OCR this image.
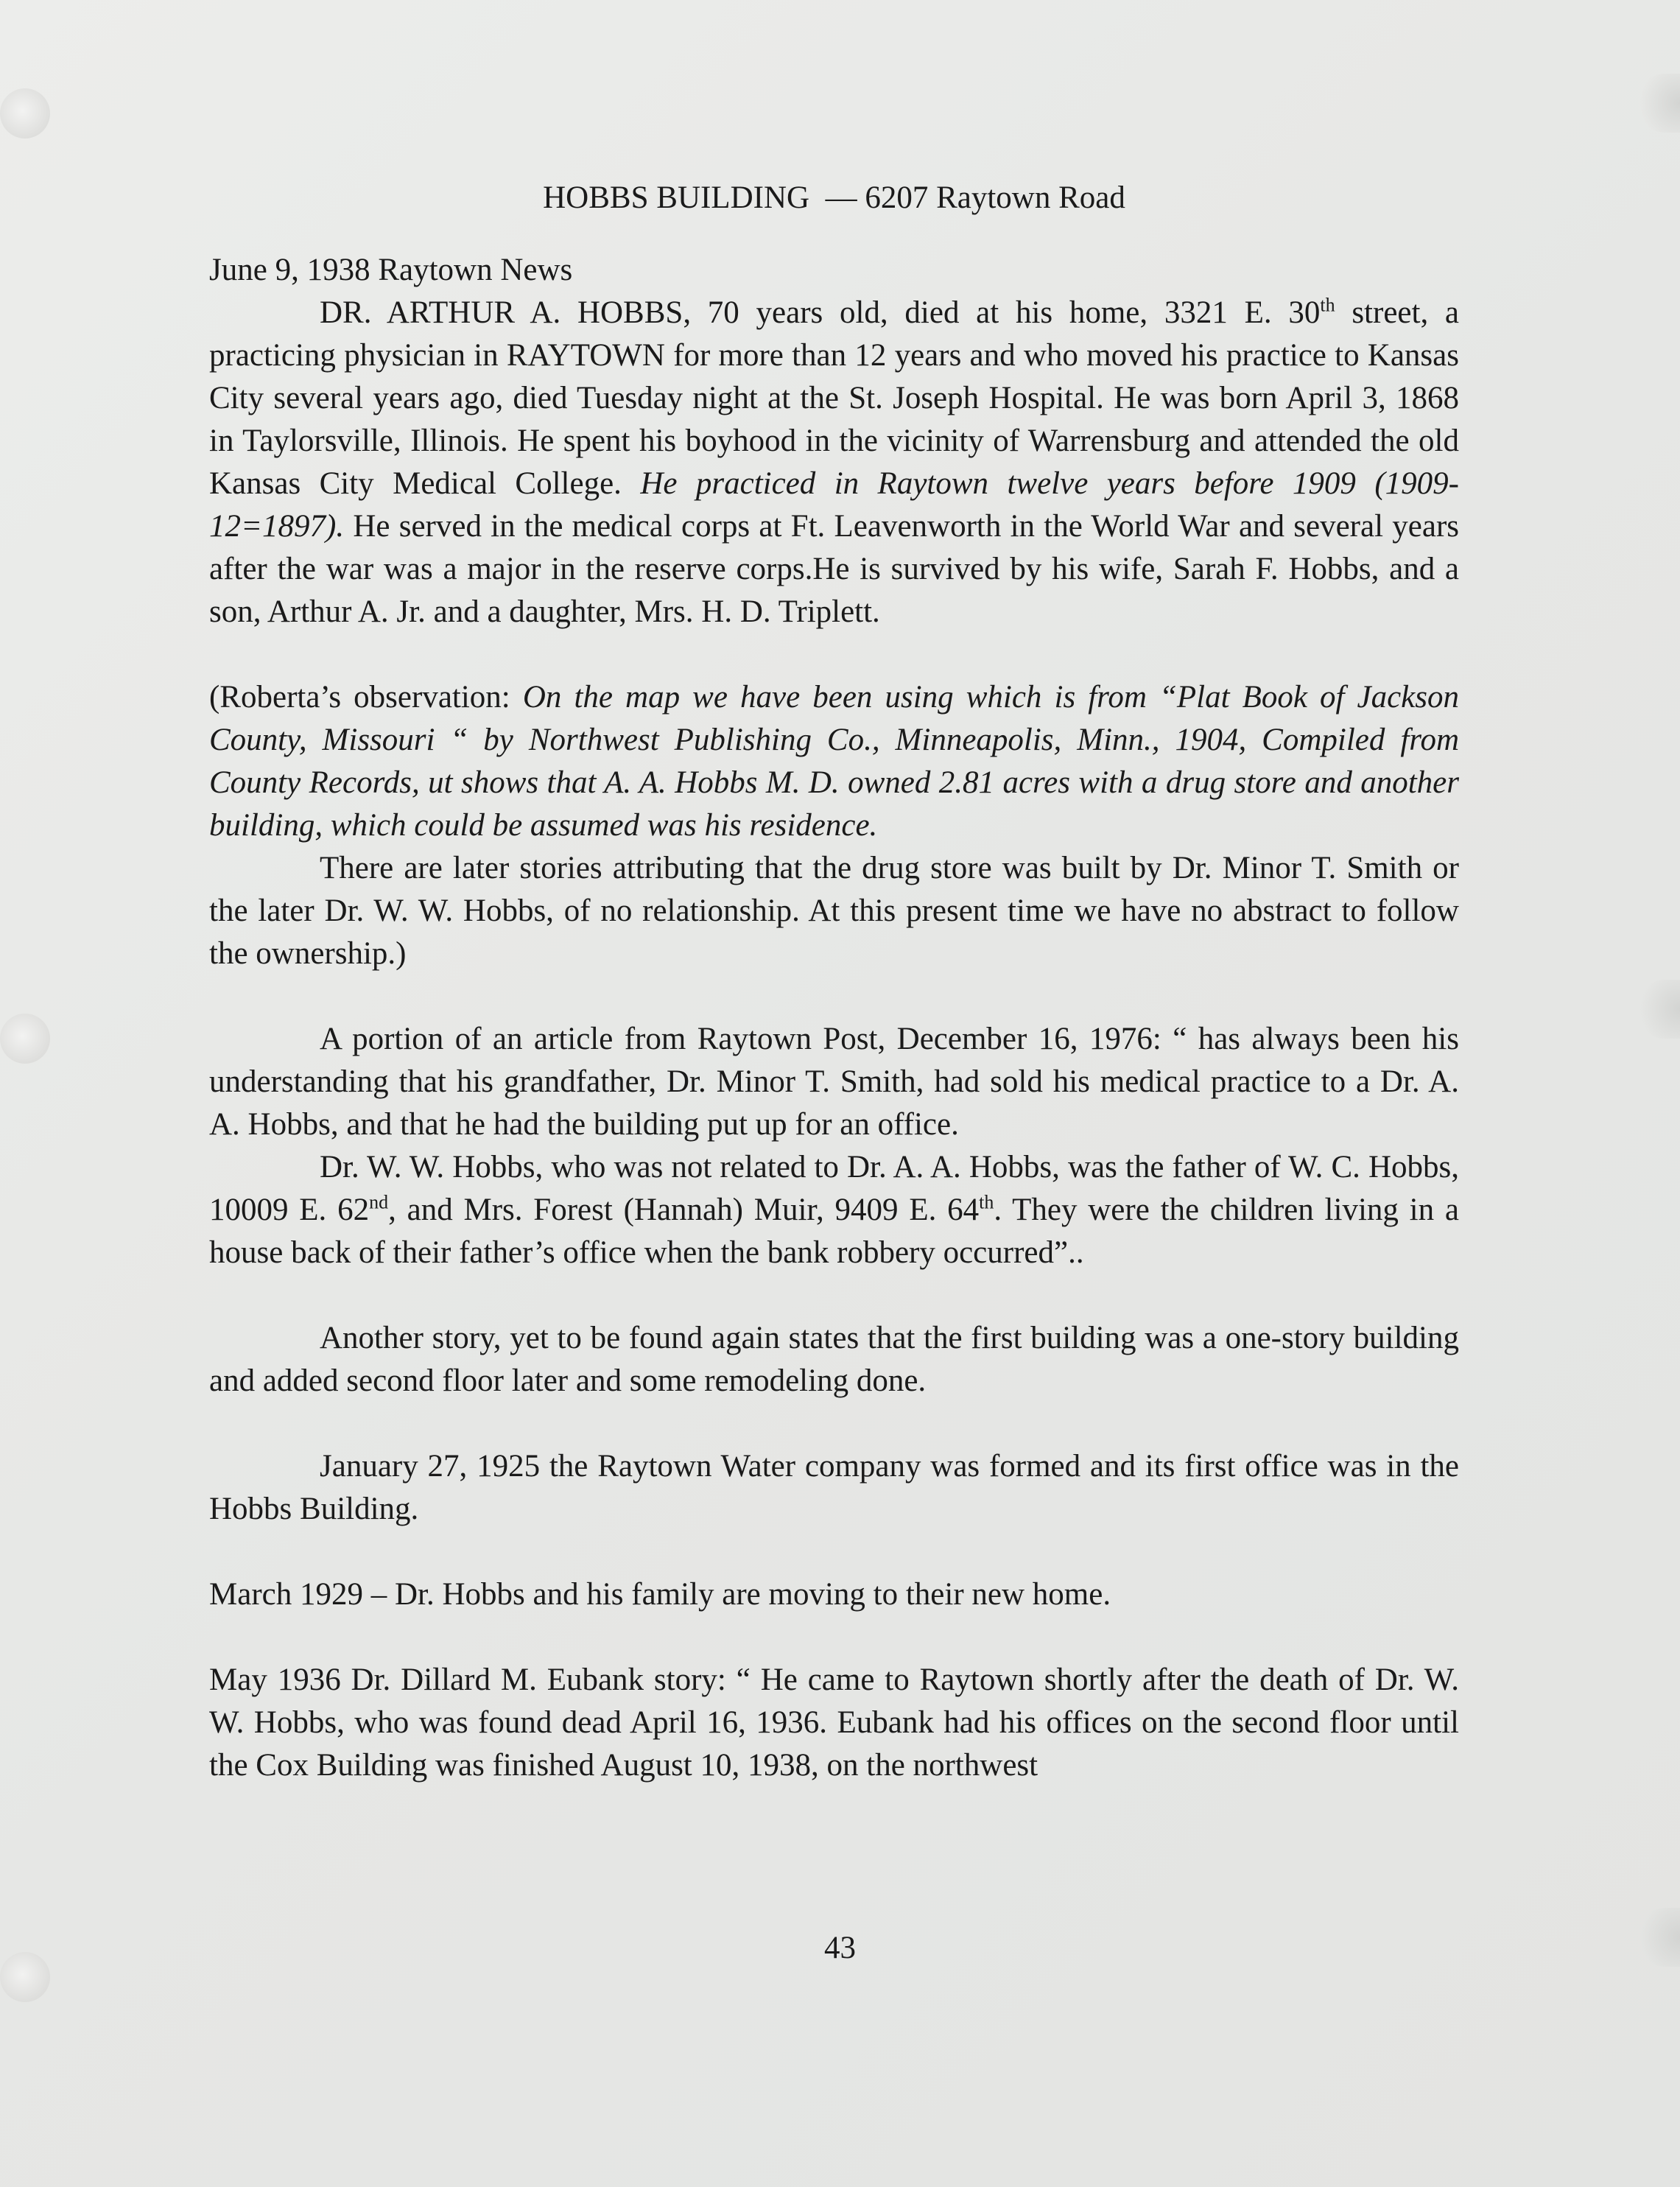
HOBBS BUILDING — 6207 Raytown Road

June 9, 1938 Raytown News

DR. ARTHUR A. HOBBS, 70 years old, died at his home, 3321 E. 30th street, a practicing physician in RAYTOWN for more than 12 years and who moved his practice to Kansas City several years ago, died Tuesday night at the St. Joseph Hospital. He was born April 3, 1868 in Taylorsville, Illinois. He spent his boyhood in the vicinity of Warrensburg and attended the old Kansas City Medical College. He practiced in Raytown twelve years before 1909 (1909-12=1897). He served in the medical corps at Ft. Leavenworth in the World War and several years after the war was a major in the reserve corps.He is survived by his wife, Sarah F. Hobbs, and a son, Arthur A. Jr. and a daughter, Mrs. H. D. Triplett.

(Roberta’s observation: On the map we have been using which is from “Plat Book of Jackson County, Missouri “ by Northwest Publishing Co., Minneapolis, Minn., 1904, Compiled from County Records, ut shows that A. A. Hobbs M. D. owned 2.81 acres with a drug store and another building, which could be assumed was his residence.

There are later stories attributing that the drug store was built by Dr. Minor T. Smith or the later Dr. W. W. Hobbs, of no relationship. At this present time we have no abstract to follow the ownership.)

A portion of an article from Raytown Post, December 16, 1976: “ has always been his understanding that his grandfather, Dr. Minor T. Smith, had sold his medical practice to a Dr. A. A. Hobbs, and that he had the building put up for an office.

Dr. W. W. Hobbs, who was not related to Dr. A. A. Hobbs, was the father of W. C. Hobbs, 10009 E. 62nd, and Mrs. Forest (Hannah) Muir, 9409 E. 64th. They were the children living in a house back of their father’s office when the bank robbery occurred”..

Another story, yet to be found again states that the first building was a one-story building and added second floor later and some remodeling done.

January 27, 1925 the Raytown Water company was formed and its first office was in the Hobbs Building.

March 1929 – Dr. Hobbs and his family are moving to their new home.

May 1936 Dr. Dillard M. Eubank story: “ He came to Raytown shortly after the death of Dr. W. W. Hobbs, who was found dead April 16, 1936. Eubank had his offices on the second floor until the Cox Building was finished August 10, 1938, on the northwest

43
